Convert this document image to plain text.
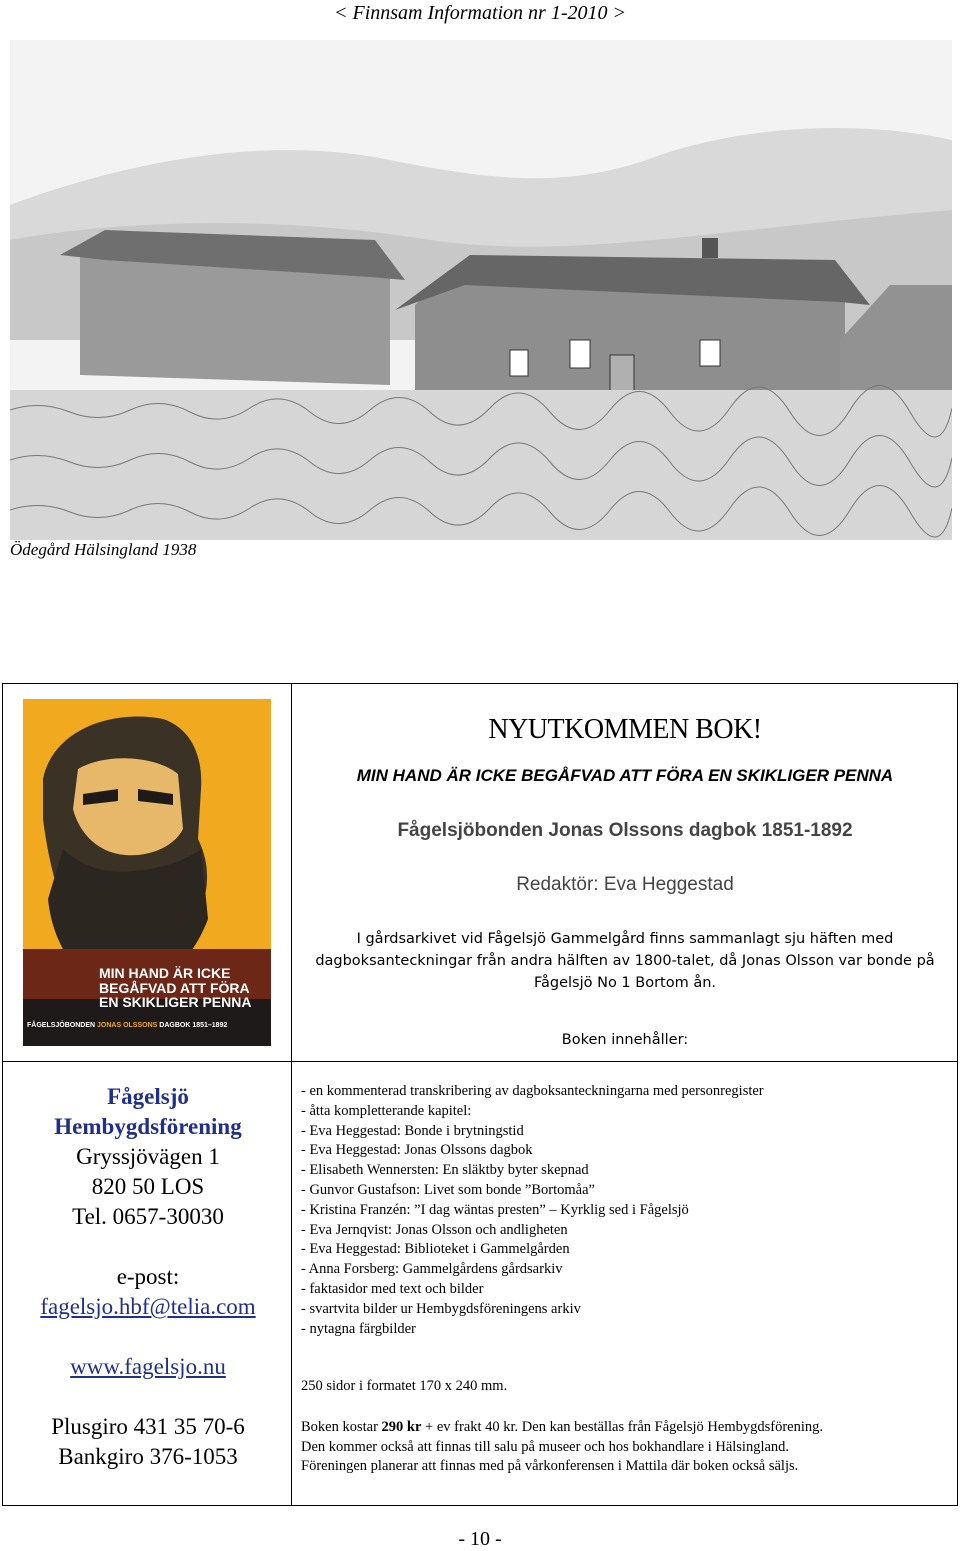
< Finnsam Information nr 1-2010 >
Ödegård Hälsingland 1938
MIN HAND ÄR ICKE
BEGÅFVAD ATT FÖRA
EN SKIKLIGER PENNA
FÅGELSJÖBONDEN JONAS OLSSONS DAGBOK 1851–1892
NYUTKOMMEN BOK!
MIN HAND ÄR ICKE BEGÅFVAD ATT FÖRA EN SKIKLIGER PENNA
Fågelsjöbonden Jonas Olssons dagbok 1851-1892
Redaktör: Eva Heggestad
I gårdsarkivet vid Fågelsjö Gammelgård finns sammanlagt sju häften med dagboksanteckningar från andra hälften av 1800-talet, då Jonas Olsson var bonde på Fågelsjö No 1 Bortom ån.
Boken innehåller:
Fågelsjö
Hembygdsförening
Gryssjövägen 1
820 50 LOS
Tel. 0657-30030
e-post:
fagelsjo.hbf@telia.com
www.fagelsjo.nu
Plusgiro 431 35 70-6
Bankgiro 376-1053
- en kommenterad transkribering av dagboksanteckningarna med personregister
- åtta kompletterande kapitel:
- Eva Heggestad: Bonde i brytningstid
- Eva Heggestad: Jonas Olssons dagbok
- Elisabeth Wennersten: En släktby byter skepnad
- Gunvor Gustafson: Livet som bonde ”Bortomåa”
- Kristina Franzén: ”I dag wäntas presten” – Kyrklig sed i Fågelsjö
- Eva Jernqvist: Jonas Olsson och andligheten
- Eva Heggestad: Biblioteket i Gammelgården
- Anna Forsberg: Gammelgårdens gårdsarkiv
- faktasidor med text och bilder
- svartvita bilder ur Hembygdsföreningens arkiv
- nytagna färgbilder
250 sidor i formatet 170 x 240 mm.
Boken kostar 290 kr + ev frakt 40 kr. Den kan beställas från Fågelsjö Hembygdsförening.
Den kommer också att finnas till salu på museer och hos bokhandlare i Hälsingland.
Föreningen planerar att finnas med på vårkonferensen i Mattila där boken också säljs.
- 10 -
